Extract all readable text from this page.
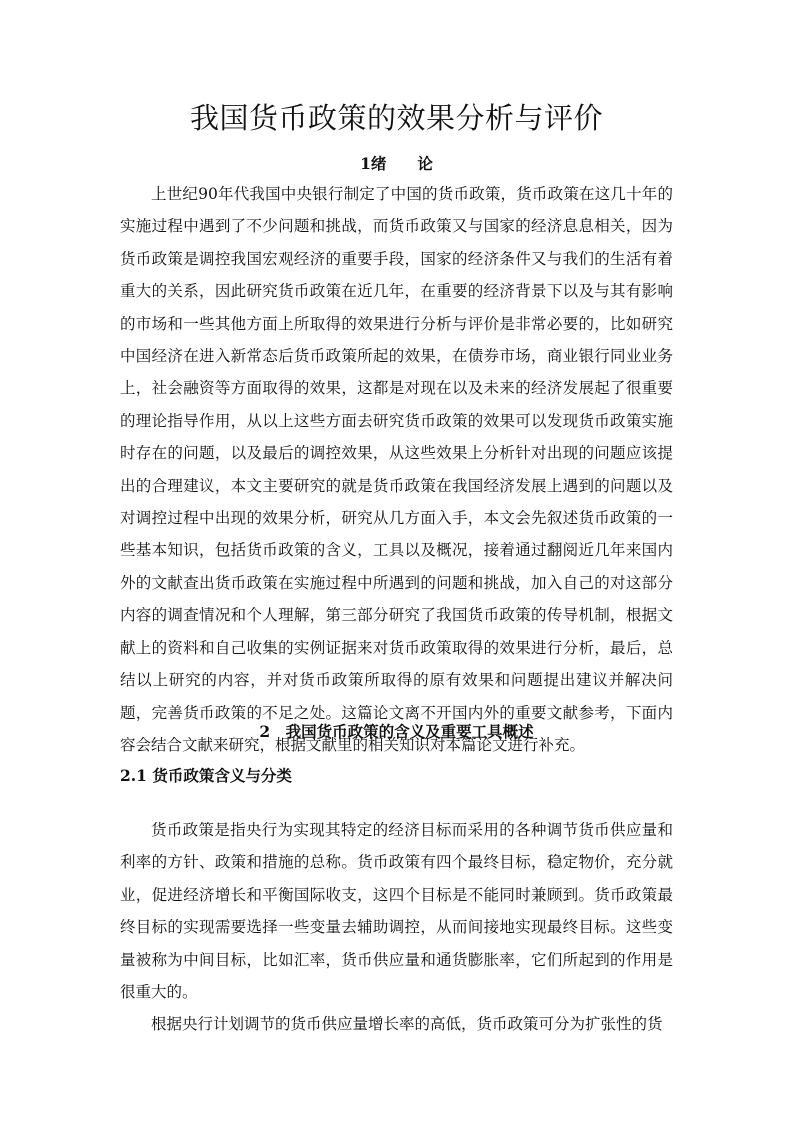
我国货币政策的效果分析与评价
1绪　　论

上世纪90年代我国中央银行制定了中国的货币政策，货币政策在这几十年的实施过程中遇到了不少问题和挑战，而货币政策又与国家的经济息息相关，因为货币政策是调控我国宏观经济的重要手段，国家的经济条件又与我们的生活有着重大的关系，因此研究货币政策在近几年，在重要的经济背景下以及与其有影响的市场和一些其他方面上所取得的效果进行分析与评价是非常必要的，比如研究中国经济在进入新常态后货币政策所起的效果，在债券市场，商业银行同业业务上，社会融资等方面取得的效果，这都是对现在以及未来的经济发展起了很重要的理论指导作用，从以上这些方面去研究货币政策的效果可以发现货币政策实施时存在的问题，以及最后的调控效果，从这些效果上分析针对出现的问题应该提出的合理建议，本文主要研究的就是货币政策在我国经济发展上遇到的问题以及对调控过程中出现的效果分析，研究从几方面入手，本文会先叙述货币政策的一些基本知识，包括货币政策的含义，工具以及概况，接着通过翻阅近几年来国内外的文献查出货币政策在实施过程中所遇到的问题和挑战，加入自己的对这部分内容的调查情况和个人理解，第三部分研究了我国货币政策的传导机制，根据文献上的资料和自己收集的实例证据来对货币政策取得的效果进行分析，最后，总结以上研究的内容，并对货币政策所取得的原有效果和问题提出建议并解决问题，完善货币政策的不足之处。这篇论文离不开国内外的重要文献参考，下面内容会结合文献来研究，根据文献里的相关知识对本篇论文进行补充。

2　我国货币政策的含义及重要工具概述
2.1 货币政策含义与分类

货币政策是指央行为实现其特定的经济目标而采用的各种调节货币供应量和利率的方针、政策和措施的总称。货币政策有四个最终目标，稳定物价，充分就业，促进经济增长和平衡国际收支，这四个目标是不能同时兼顾到。货币政策最终目标的实现需要选择一些变量去辅助调控，从而间接地实现最终目标。这些变量被称为中间目标，比如汇率，货币供应量和通货膨胀率，它们所起到的作用是很重大的。

根据央行计划调节的货币供应量增长率的高低，货币政策可分为扩张性的货
